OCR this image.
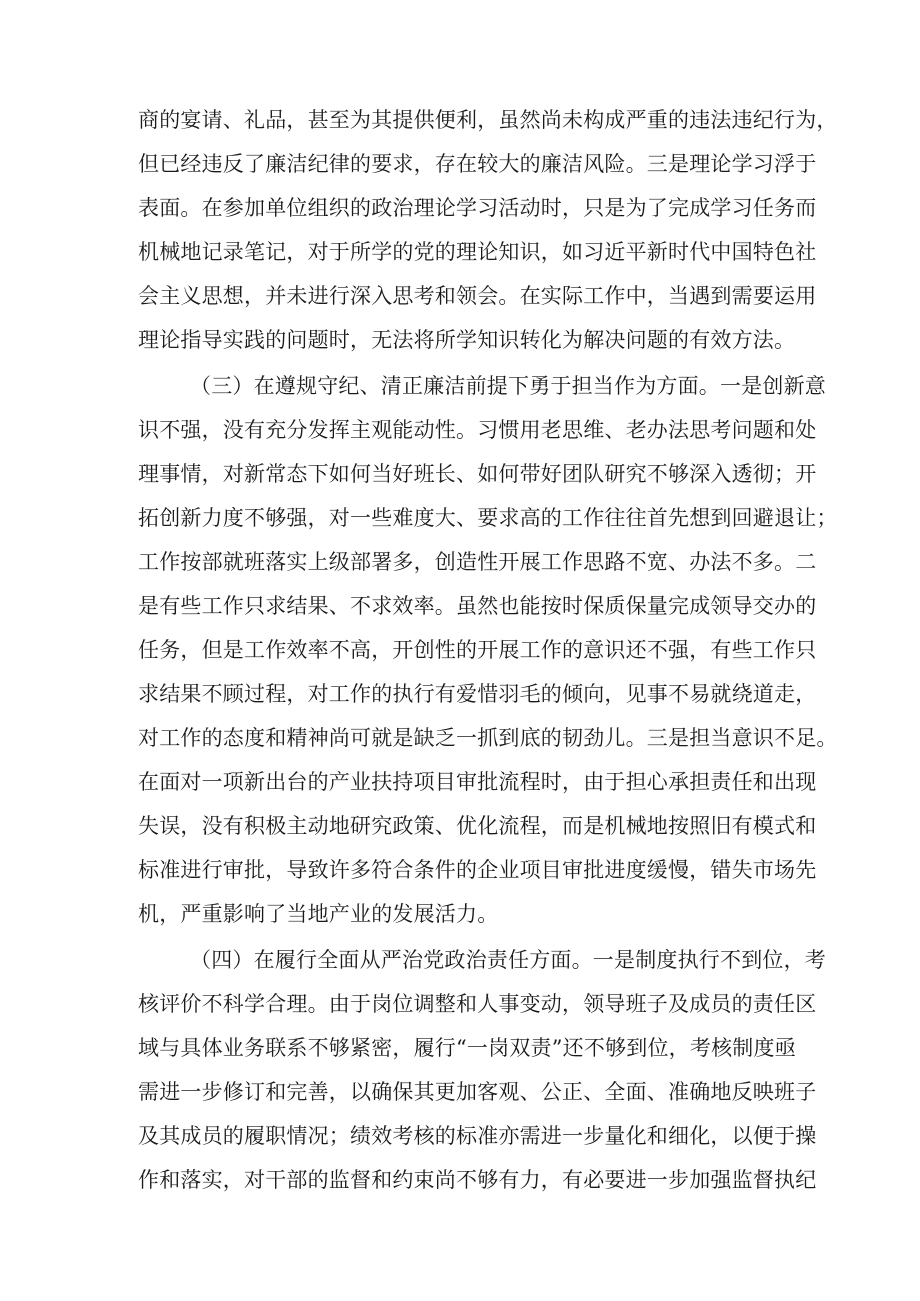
商的宴请、礼品，甚至为其提供便利，虽然尚未构成严重的违法违纪行为，
但已经违反了廉洁纪律的要求，存在较大的廉洁风险。三是理论学习浮于
表面。在参加单位组织的政治理论学习活动时，只是为了完成学习任务而
机械地记录笔记，对于所学的党的理论知识，如习近平新时代中国特色社
会主义思想，并未进行深入思考和领会。在实际工作中，当遇到需要运用
理论指导实践的问题时，无法将所学知识转化为解决问题的有效方法。
（三）在遵规守纪、清正廉洁前提下勇于担当作为方面。一是创新意
识不强，没有充分发挥主观能动性。习惯用老思维、老办法思考问题和处
理事情，对新常态下如何当好班长、如何带好团队研究不够深入透彻；开
拓创新力度不够强，对一些难度大、要求高的工作往往首先想到回避退让；
工作按部就班落实上级部署多，创造性开展工作思路不宽、办法不多。二
是有些工作只求结果、不求效率。虽然也能按时保质保量完成领导交办的
任务，但是工作效率不高，开创性的开展工作的意识还不强，有些工作只
求结果不顾过程，对工作的执行有爱惜羽毛的倾向，见事不易就绕道走，
对工作的态度和精神尚可就是缺乏一抓到底的韧劲儿。三是担当意识不足。
在面对一项新出台的产业扶持项目审批流程时，由于担心承担责任和出现
失误，没有积极主动地研究政策、优化流程，而是机械地按照旧有模式和
标准进行审批，导致许多符合条件的企业项目审批进度缓慢，错失市场先
机，严重影响了当地产业的发展活力。
（四）在履行全面从严治党政治责任方面。一是制度执行不到位，考
核评价不科学合理。由于岗位调整和人事变动，领导班子及成员的责任区
域与具体业务联系不够紧密，履行“一岗双责”还不够到位，考核制度亟
需进一步修订和完善，以确保其更加客观、公正、全面、准确地反映班子
及其成员的履职情况；绩效考核的标准亦需进一步量化和细化，以便于操
作和落实，对干部的监督和约束尚不够有力，有必要进一步加强监督执纪
